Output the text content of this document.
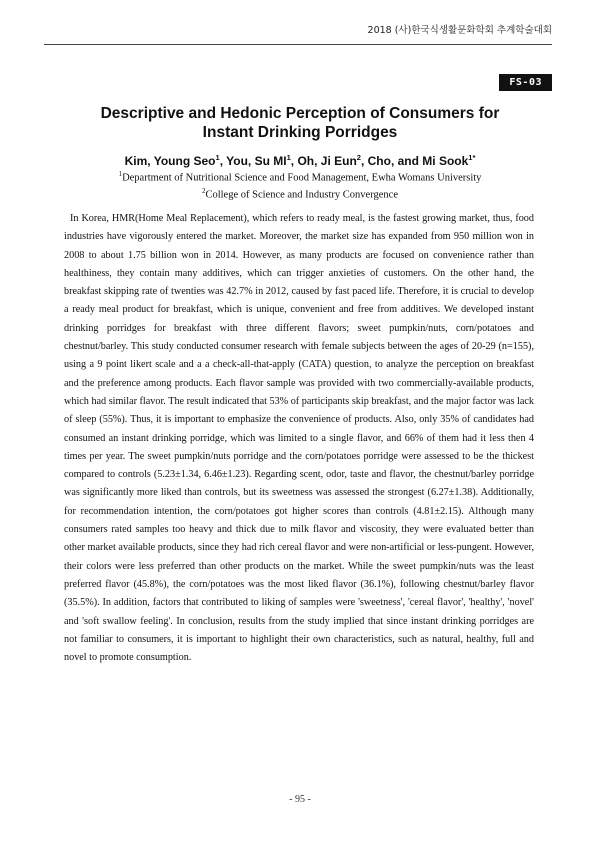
2018 (사)한국식생활문화학회 추계학술대회
FS-03
Descriptive and Hedonic Perception of Consumers for
Instant Drinking Porridges
Kim, Young Seo$^1$, You, Su $MI^1$, Oh, Ji Eun$^2$, Cho, and Mi Sook$^{1*}$
$^1$Department of Nutritional Science and Food Management, Ewha Womans University
$^2$College of Science and Industry Convergence

In Korea, HMR(Home Meal Replacement), which refers to ready meal, is the fastest growing market, thus, food industries have vigorously entered the market. Moreover, the market size has expanded from 950 million won in 2008 to about 1.75 billion won in 2014. However, as many products are focused on convenience rather than healthiness, they contain many additives, which can trigger anxieties of customers. On the other hand, the breakfast skipping rate of twenties was 42.7% in 2012, caused by fast paced life. Therefore, it is crucial to develop a ready meal product for breakfast, which is unique, convenient and free from additives. We developed instant drinking porridges for breakfast with three different flavors; sweet pumpkin/nuts, corn/potatoes and chestnut/barley. This study conducted consumer research with female subjects between the ages of 20-29 (n=155), using a 9 point likert scale and a a check-all-that-apply (CATA) question, to analyze the perception on breakfast and the preference among products. Each flavor sample was provided with two commercially-available products, which had similar flavor. The result indicated that 53% of participants skip breakfast, and the major factor was lack of sleep (55%). Thus, it is important to emphasize the convenience of products. Also, only 35% of candidates had consumed an instant drinking porridge, which was limited to a single flavor, and 66% of them had it less then 4 times per year. The sweet pumpkin/nuts porridge and the corn/potatoes porridge were assessed to be the thickest compared to controls (5.23±1.34, 6.46±1.23). Regarding scent, odor, taste and flavor, the chestnut/barley porridge was significantly more liked than controls, but its sweetness was assessed the strongest (6.27±1.38). Additionally, for recommendation intention, the corn/potatoes got higher scores than controls (4.81±2.15). Although many consumers rated samples too heavy and thick due to milk flavor and viscosity, they were evaluated better than other market available products, since they had rich cereal flavor and were non-artificial or less-pungent. However, their colors were less preferred than other products on the market. While the sweet pumpkin/nuts was the least preferred flavor (45.8%), the corn/potatoes was the most liked flavor (36.1%), following chestnut/barley flavor (35.5%). In addition, factors that contributed to liking of samples were 'sweetness', 'cereal flavor', 'healthy', 'novel' and 'soft swallow feeling'. In conclusion, results from the study implied that since instant drinking porridges are not familiar to consumers, it is important to highlight their own characteristics, such as natural, healthy, full and novel to promote consumption.

- 95 -
